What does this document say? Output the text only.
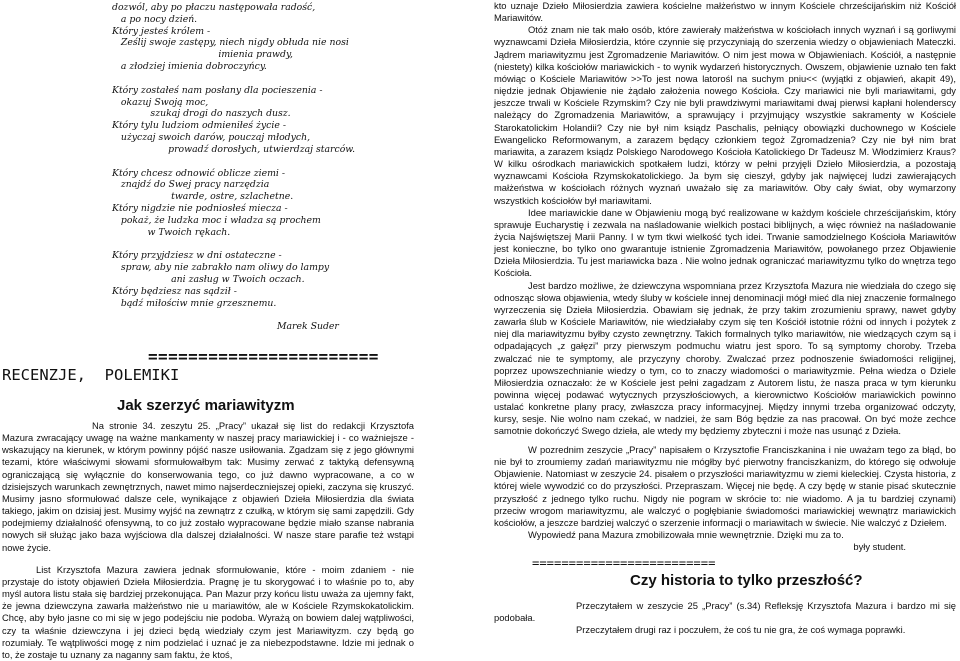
dozwól, aby po płaczu następowała radość,

a po nocy dzień.

Który jesteś królem -

Ześlij swoje zastępy, niech nigdy obłuda nie nosi

imienia prawdy,

a złodziej imienia dobroczyńcy.

Który zostałeś nam posłany dla pocieszenia -

okazuj Swoją moc,

szukaj drogi do naszych dusz.

Który tylu ludziom odmieniłeś życie -

użyczaj swoich darów, pouczaj młodych,

prowadź dorosłych, utwierdzaj starców.

Który chcesz odnowić oblicze ziemi -

znajdź do Swej pracy narzędzia

twarde, ostre, szlachetne.

Który nigdzie nie podniosłeś miecza -

pokaż, że ludzka moc i władza są prochem

w Twoich rękach.

Który przyjdziesz w dni ostateczne -

spraw, aby nie zabrakło nam oliwy do lampy

ani zasług w Twoich oczach.

Który będziesz nas sądził -

bądź miłościw mnie grzesznemu.

Marek Suder

=======================
RECENZJE,  POLEMIKI
Jak szerzyć mariawityzm

Na stronie 34. zeszytu 25. „Pracy” ukazał się list do redakcji Krzysztofa Mazura zwracający uwagę na ważne mankamenty w naszej pracy mariawickiej i - co ważniejsze - wskazujący na kierunek, w którym powinny pójść nasze usiłowania. Zgadzam się z jego głównymi tezami, które właściwymi słowami sformułowałbym tak: Musimy zerwać z taktyką defensywną ograniczającą się wyłącznie do konserwowania tego, co już dawno wypracowane, a co w dzisiejszych warunkach zewnętrznych, nawet mimo najserdeczniejszej opieki, zaczyna się kruszyć. Musimy jasno sformułować dalsze cele, wynikające z objawień Dzieła Miłosierdzia dla świata takiego, jakim on dzisiaj jest. Musimy wyjść na zewnątrz z czułką, w którym się sami zapędzili. Gdy podejmiemy działalność ofensywną, to co już zostało wypracowane będzie miało szanse nabrania nowych sił służąc jako baza wyjściowa dla dalszej działalności. W nasze stare parafie też wstąpi nowe życie.

List Krzysztofa Mazura zawiera jednak sformułowanie, które - moim zdaniem - nie przystaje do istoty objawień Dzieła Miłosierdzia. Pragnę je tu skorygować i to właśnie po to, aby myśl autora listu stała się bardziej przekonująca. Pan Mazur przy końcu listu uważa za ujemny fakt, że jewna dziewczyna zawarła małżeństwo nie u mariawitów, ale w Kościele Rzymskokatolickim. Chcę, aby było jasne co mi się w jego podejściu nie podoba. Wyrażą on bowiem dalej wątpliwości, czy ta właśnie dziewczyna i jej dzieci będą wiedziały czym jest Mariawityzm. czy będą go rozumiały. Te wątpliwości mogę z nim podzielać i uznać je za niebezpodstawne. Idzie mi jednak o to, że zostaje tu uznany za naganny sam faktu, że ktoś,

kto uznaje Dzieło Miłosierdzia zawiera kościelne małżeństwo w innym Kościele chrześcijańskim niż Kościół Mariawitów.

Otóż znam nie tak mało osób, które zawierały małżeństwa w kościołach innych wyznań i są gorliwymi wyznawcami Dzieła Miłosierdzia, które czynnie się przyczyniają do szerzenia wiedzy o objawieniach Mateczki. Jądrem mariawityzmu jest Zgromadzenie Mariawitów. O nim jest mowa w Objawieniach. Kościół, a następnie (niestety) kilka kościołów mariawickich - to wynik wydarzeń historycznych. Owszem, objawienie uznało ten fakt mówiąc o Kościele Mariawitów >>To jest nowa latorośl na suchym pniu<< (wyjątki z objawień, akapit 49), niędzie jednak Objawienie nie żądało założenia nowego Kościoła. Czy mariawici nie byli mariawitami, gdy jeszcze trwali w Kościele Rzymskim? Czy nie byli prawdziwymi mariawitami dwaj pierwsi kapłani holenderscy należący do Zgromadzenia Mariawitów, a sprawujący i przyjmujący wszystkie sakramenty w Kościele Starokatolickim Holandii? Czy nie był nim ksiądz Paschalis, pełniący obowiązki duchownego w Kościele Ewangelicko Reformowanym, a zarazem będący członkiem tegoż Zgromadzenia? Czy nie był nim brat mariawita, a zarazem ksiądz Polskiego Narodowego Kościoła Katolickiego Dr Tadeusz M. Włodzimierz Kraus? W kilku ośrodkach mariawickich spotkałem ludzi, którzy w pełni przyjęli Dzieło Miłosierdzia, a pozostają wyznawcami Kościoła Rzymskokatolickiego. Ja bym się cieszył, gdyby jak najwięcej ludzi zawierających małżeństwa w kościołach różnych wyznań uważało się za mariawitów. Oby cały świat, oby wymarzony wszystkich kościołów był mariawitami.

Idee mariawickie dane w Objawieniu mogą być realizowane w każdym kościele chrześcijańskim, który sprawuje Eucharystię i zezwala na naśladowanie wielkich postaci biblijnych, a więc również na naśladowanie życia Najświętszej Marii Panny. I w tym tkwi wielkość tych idei. Trwanie samodzielnego Kościoła Mariawitów jest konieczne, bo tylko ono gwarantuje istnienie Zgromadzenia Mariawitów, powołanego przez Objawienie Dzieła Miłosierdzia. Tu jest mariawicka baza . Nie wolno jednak ograniczać mariawityzmu tylko do wnętrza tego Kościoła.

Jest bardzo możliwe, że dziewczyna wspomniana przez Krzysztofa Mazura nie wiedziała do czego się odnosząc słowa objawienia, wtedy śluby w kościele innej denominacji mógł mieć dla niej znaczenie formalnego wyrzeczenia się Dzieła Miłosierdzia. Obawiam się jednak, że przy takim zrozumieniu sprawy, nawet gdyby zawarła ślub w Kościele Mariawitów, nie wiedziałaby czym się ten Kościół istotnie różni od innych i pożytek z niej dla mariawityzmu byłby czysto zewnętrzny. Takich formalnych tylko mariawitów, nie wiedzących czym są i odpadających „z gałęzi” przy pierwszym podmuchu wiatru jest sporo. To są symptomy choroby. Trzeba zwalczać nie te symptomy, ale przyczyny choroby. Zwalczać przez podnoszenie świadomości religijnej, poprzez upowszechnianie wiedzy o tym, co to znaczy wiadomości o mariawityzmie. Pełna wiedza o Dziele Miłosierdzia oznaczało: że w Kościele jest pełni zagadzam z Autorem listu, że nasza praca w tym kierunku powinna więcej podawać wytycznych przyszłościowych, a kierownictwo Kościołów mariawickich powinno ustalać konkretne plany pracy, zwłaszcza pracy informacyjnej. Między innymi trzeba organizować odczyty, kursy, sesje. Nie wolno nam czekać, w nadziei, że sam Bóg będzie za nas pracował. On być może zechce samotnie dokończyć Swego dzieła, ale wtedy my będziemy zbyteczni i może nas usunąć z Dzieła.

W pozrednim zeszycie „Pracy” napisałem o Krzysztofie Franciszkanina i nie uważam tego za błąd, bo nie był to zroumiemy zadań mariawityzmu nie mógłby być pierwotny franciszkanizm, do którego się odwołuje Objawienie. Natomiast w zeszycie 24. pisałem o przyszłości mariawityzmu w ziemi kieleckiej. Czysta historia, z której wiele wywodzić co do przyszłości. Przepraszam. Więcej nie będę. A czy będę w stanie pisać skutecznie przyszłość z jednego tylko ruchu. Nigdy nie pogram w skrócie to: nie wiadomo. A ja tu bardziej czynami) przeciw wrogom mariawityzmu, ale walczyć o pogłębianie świadomości mariawickiej wewnątrz mariawickich kościołów, a jeszcze bardziej walczyć o szerzenie informacji o mariawitach w świecie. Nie walczyć z Dziełem.

Wypowiedź pana Mazura zmobilizowała mnie wewnętrznie. Dzięki mu za to.

były student.

=========================
Czy historia to tylko przeszłość?

Przeczytałem w zeszycie 25 „Pracy” (s.34) Refleksję Krzysztofa Mazura i bardzo mi się podobała.

Przeczytałem drugi raz i poczułem, że coś tu nie gra, że coś wymaga poprawki.
